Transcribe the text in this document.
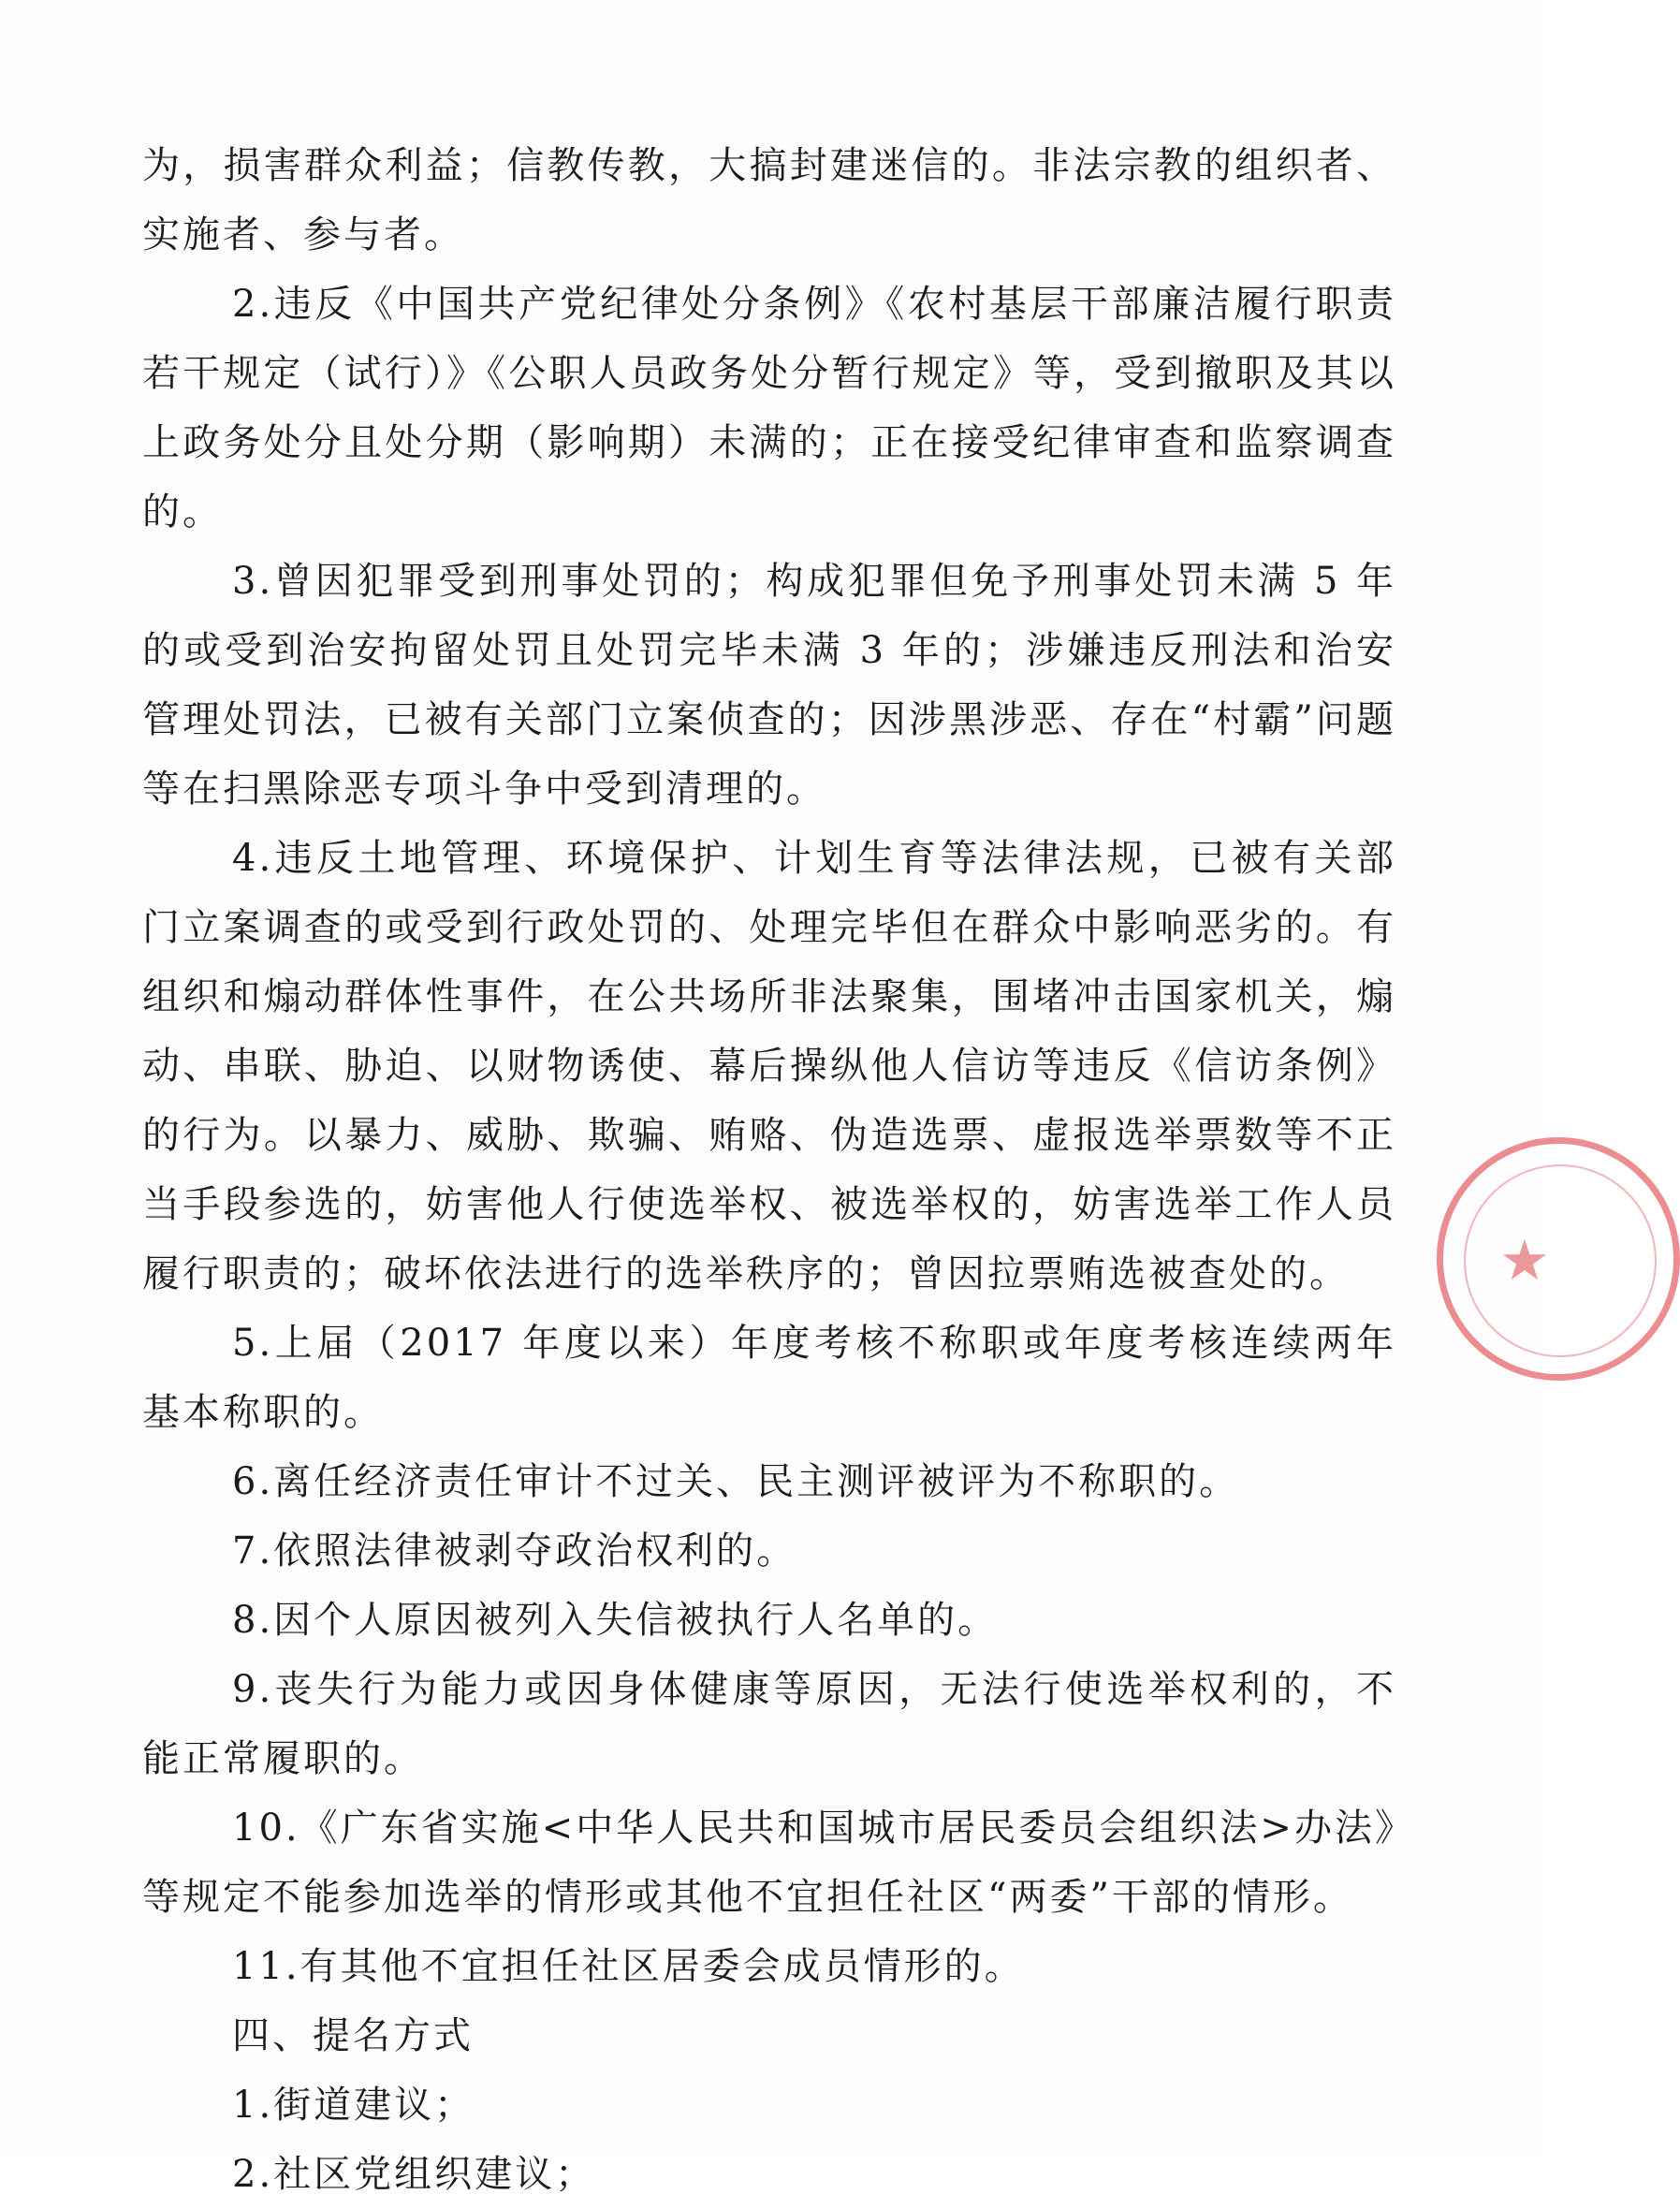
为，损害群众利益；信教传教，大搞封建迷信的。非法宗教的组织者、实施者、参与者。

2.违反《中国共产党纪律处分条例》《农村基层干部廉洁履行职责若干规定（试行）》《公职人员政务处分暂行规定》等，受到撤职及其以上政务处分且处分期（影响期）未满的；正在接受纪律审查和监察调查的。

3.曾因犯罪受到刑事处罚的；构成犯罪但免予刑事处罚未满 5 年的或受到治安拘留处罚且处罚完毕未满 3 年的；涉嫌违反刑法和治安管理处罚法，已被有关部门立案侦查的；因涉黑涉恶、存在“村霸”问题等在扫黑除恶专项斗争中受到清理的。

4.违反土地管理、环境保护、计划生育等法律法规，已被有关部门立案调查的或受到行政处罚的、处理完毕但在群众中影响恶劣的。有组织和煽动群体性事件，在公共场所非法聚集，围堵冲击国家机关，煽动、串联、胁迫、以财物诱使、幕后操纵他人信访等违反《信访条例》的行为。以暴力、威胁、欺骗、贿赂、伪造选票、虚报选举票数等不正当手段参选的，妨害他人行使选举权、被选举权的，妨害选举工作人员履行职责的；破坏依法进行的选举秩序的；曾因拉票贿选被查处的。

5.上届（2017 年度以来）年度考核不称职或年度考核连续两年基本称职的。

6.离任经济责任审计不过关、民主测评被评为不称职的。

7.依照法律被剥夺政治权利的。

8.因个人原因被列入失信被执行人名单的。

9.丧失行为能力或因身体健康等原因，无法行使选举权利的，不能正常履职的。

10.《广东省实施<中华人民共和国城市居民委员会组织法>办法》等规定不能参加选举的情形或其他不宜担任社区“两委”干部的情形。

11.有其他不宜担任社区居委会成员情形的。

四、提名方式

1.街道建议；

2.社区党组织建议；

★
